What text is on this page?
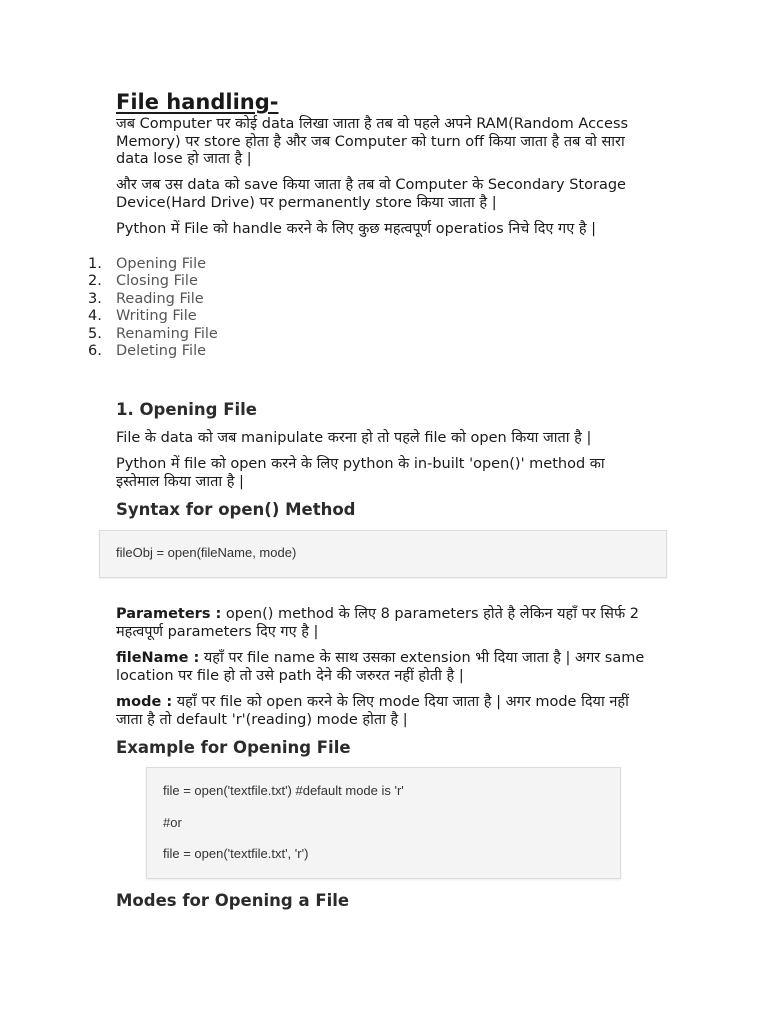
File handling-

जब Computer पर कोई data लिखा जाता है तब वो पहले अपने RAM(Random Access Memory) पर store होता है और जब Computer को turn off किया जाता है तब वो सारा data lose हो जाता है |

और जब उस data को save किया जाता है तब वो Computer के Secondary Storage Device(Hard Drive) पर permanently store किया जाता है |

Python में File को handle करने के लिए कुछ महत्वपूर्ण operatios निचे दिए गए है |

1. Opening File
2. Closing File
3. Reading File
4. Writing File
5. Renaming File
6. Deleting File
1. Opening File

File के data को जब manipulate करना हो तो पहले file को open किया जाता है |

Python में file को open करने के लिए python के in-built 'open()' method का इस्तेमाल किया जाता है |

Syntax for open() Method
fileObj = open(fileName, mode)

Parameters : open() method के लिए 8 parameters होते है लेकिन यहाँ पर सिर्फ 2 महत्वपूर्ण parameters दिए गए है |

fileName : यहाँ पर file name के साथ उसका extension भी दिया जाता है | अगर same location पर file हो तो उसे path देने की जरुरत नहीं होती है |

mode : यहाँ पर file को open करने के लिए mode दिया जाता है | अगर mode दिया नहीं जाता है तो default 'r'(reading) mode होता है |

Example for Opening File
file = open('textfile.txt') #default mode is 'r'
#or
file = open('textfile.txt', 'r')
Modes for Opening a File
